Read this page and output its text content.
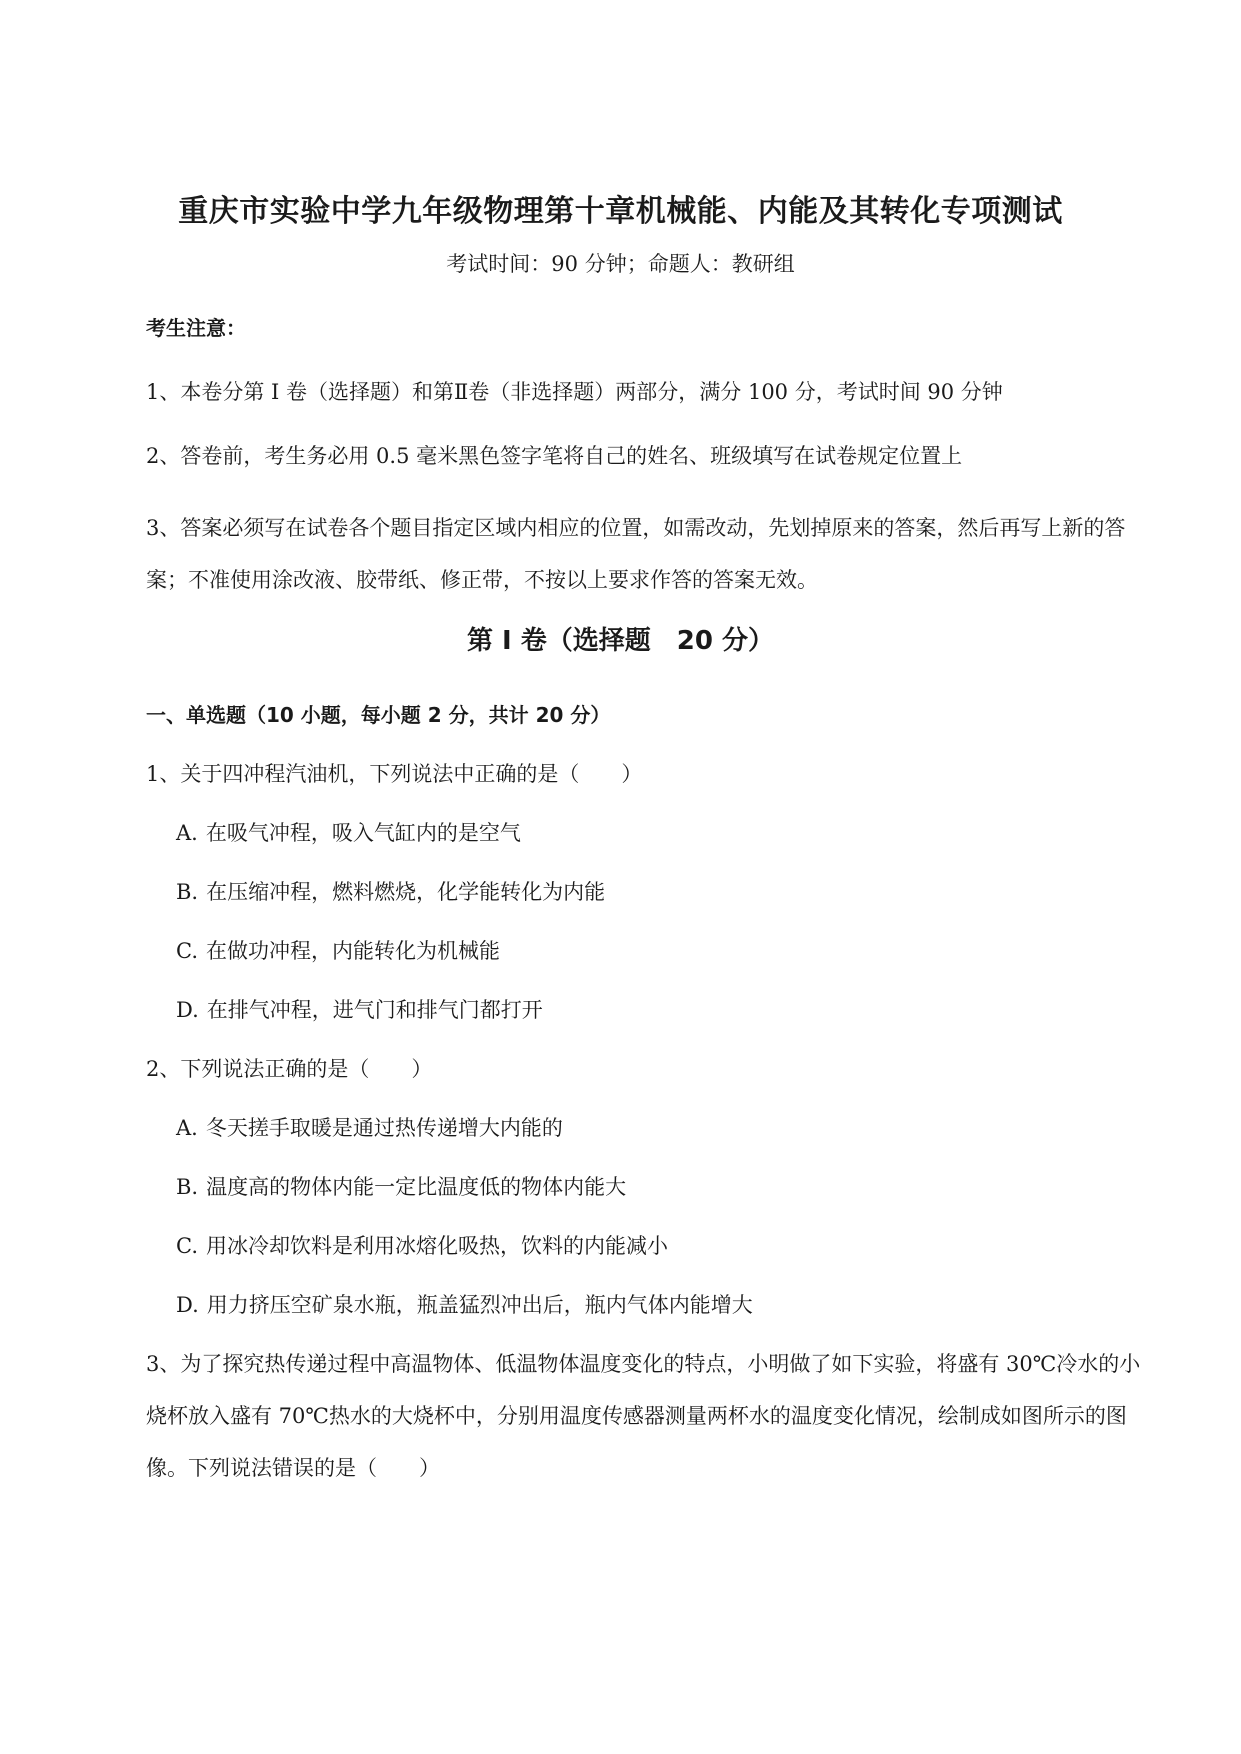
重庆市实验中学九年级物理第十章机械能、内能及其转化专项测试
考试时间：90 分钟；命题人：教研组
考生注意：
1、本卷分第 I 卷（选择题）和第Ⅱ卷（非选择题）两部分，满分 100 分，考试时间 90 分钟
2、答卷前，考生务必用 0.5 毫米黑色签字笔将自己的姓名、班级填写在试卷规定位置上
3、答案必须写在试卷各个题目指定区域内相应的位置，如需改动，先划掉原来的答案，然后再写上新的答案；不准使用涂改液、胶带纸、修正带，不按以上要求作答的答案无效。
第 I 卷（选择题　20 分）
一、单选题（10 小题，每小题 2 分，共计 20 分）
1、关于四冲程汽油机，下列说法中正确的是（　　）
A. 在吸气冲程，吸入气缸内的是空气
B. 在压缩冲程，燃料燃烧，化学能转化为内能
C. 在做功冲程，内能转化为机械能
D. 在排气冲程，进气门和排气门都打开
2、下列说法正确的是（　　）
A. 冬天搓手取暖是通过热传递增大内能的
B. 温度高的物体内能一定比温度低的物体内能大
C. 用冰冷却饮料是利用冰熔化吸热，饮料的内能减小
D. 用力挤压空矿泉水瓶，瓶盖猛烈冲出后，瓶内气体内能增大
3、为了探究热传递过程中高温物体、低温物体温度变化的特点，小明做了如下实验，将盛有 30℃冷水的小烧杯放入盛有 70℃热水的大烧杯中，分别用温度传感器测量两杯水的温度变化情况，绘制成如图所示的图像。下列说法错误的是（　　）
